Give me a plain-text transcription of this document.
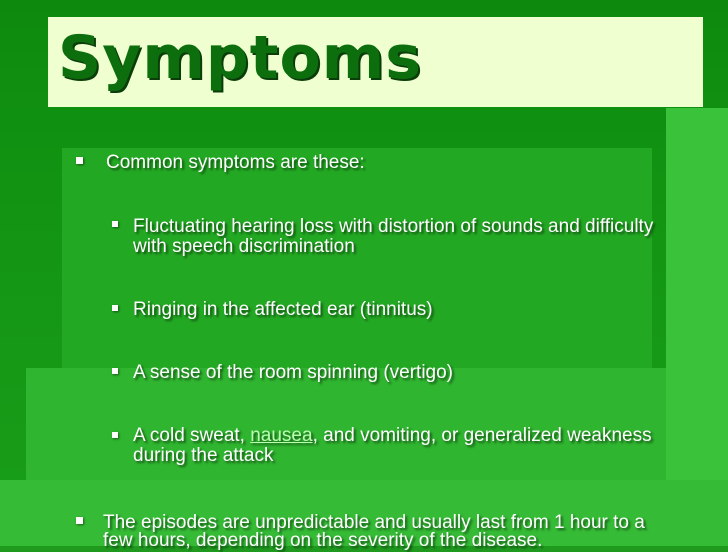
Symptoms
Common symptoms are these:
Fluctuating hearing loss with distortion of sounds and difficulty
with speech discrimination
Ringing in the affected ear (tinnitus)
A sense of the room spinning (vertigo)
A cold sweat, nausea, and vomiting, or generalized weakness
during the attack
The episodes are unpredictable and usually last from 1 hour to a
few hours, depending on the severity of the disease.
